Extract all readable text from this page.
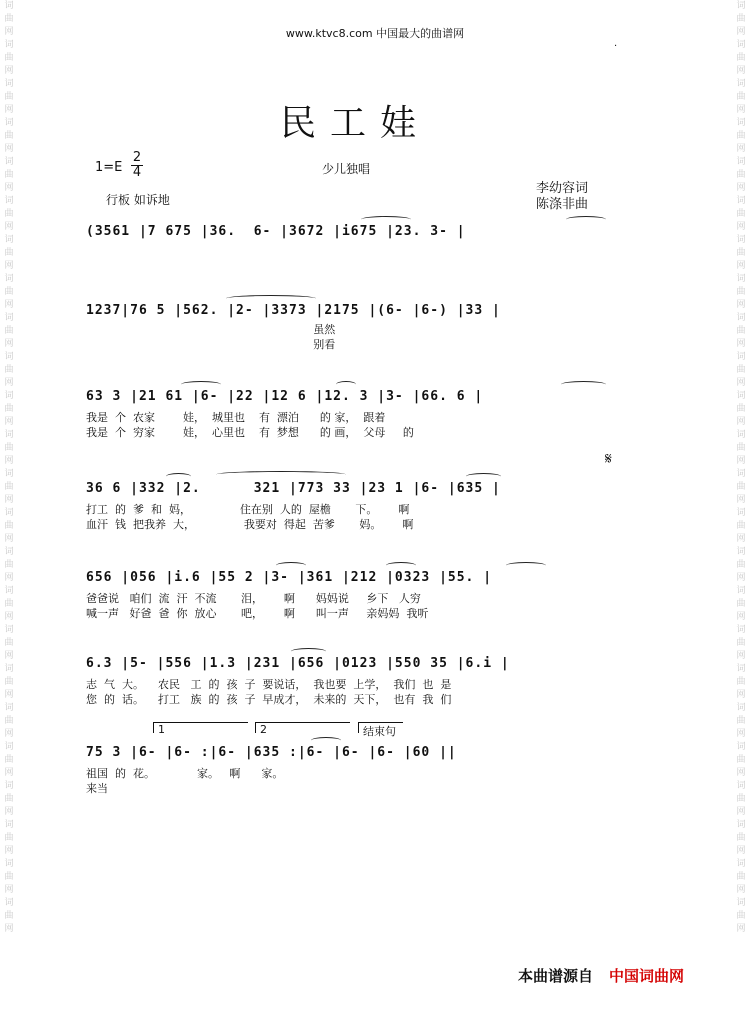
词曲网词曲网词曲网词曲网词曲网词曲网词曲网词曲网词曲网词曲网词曲网词曲网词曲网词曲网词曲网词曲网词曲网词曲网词曲网词曲网词曲网词曲网词曲网词曲网
词曲网词曲网词曲网词曲网词曲网词曲网词曲网词曲网词曲网词曲网词曲网词曲网词曲网词曲网词曲网词曲网词曲网词曲网词曲网词曲网词曲网词曲网词曲网词曲网
www.ktvc8.com 中国最大的曲谱网
.
民工娃
$1=E \frac{2}{4}$	少儿独唱
李幼容词
陈涤非曲
行板 如诉地
(3561 |7 675 |36.  6- |3672 |i675 |23. 3- |
1237|76 5 |562. |2- |3373 |2175 |(6- |6-) |33 |
虽然
别看
63 3 |21 61 |6- |22 |12 6 |12. 3 |3- |66. 6 |
我是  个  农家        娃，  城里也    有  漂泊      的 家，  跟着
我是  个  穷家        娃，  心里也    有  梦想      的 画，  父母     的
𝄋
36 6 |332 |2.      321 |773 33 |23 1 |6- |635 |
打工  的  爹  和  妈，              住在别  人的  屋檐       下。      啊
血汗  钱  把我养  大，              我要对  得起  苦爹       妈。      啊
656 |056 |i.6 |55 2 |3- |361 |212 |0323 |55. |
爸爸说   咱们  流  汗  不流       泪，      啊      妈妈说     乡下   人穷
喊一声   好爸  爸  你  放心       吧，      啊      叫一声     亲妈妈  我听
6.3 |5- |556 |1.3 |231 |656 |0123 |550 35 |6.i |
志  气  大。    农民   工  的  孩  子  要说话，  我也要  上学，  我们  也  是
您  的  话。    打工   族  的  孩  子  早成才，  未来的  天下，  也有  我  们
1	2	结束句
75 3 |6- |6- :|6- |635 :|6- |6- |6- |60 ||
祖国  的  花。            家。   啊      家。
来当
本曲谱源自 中国词曲网
